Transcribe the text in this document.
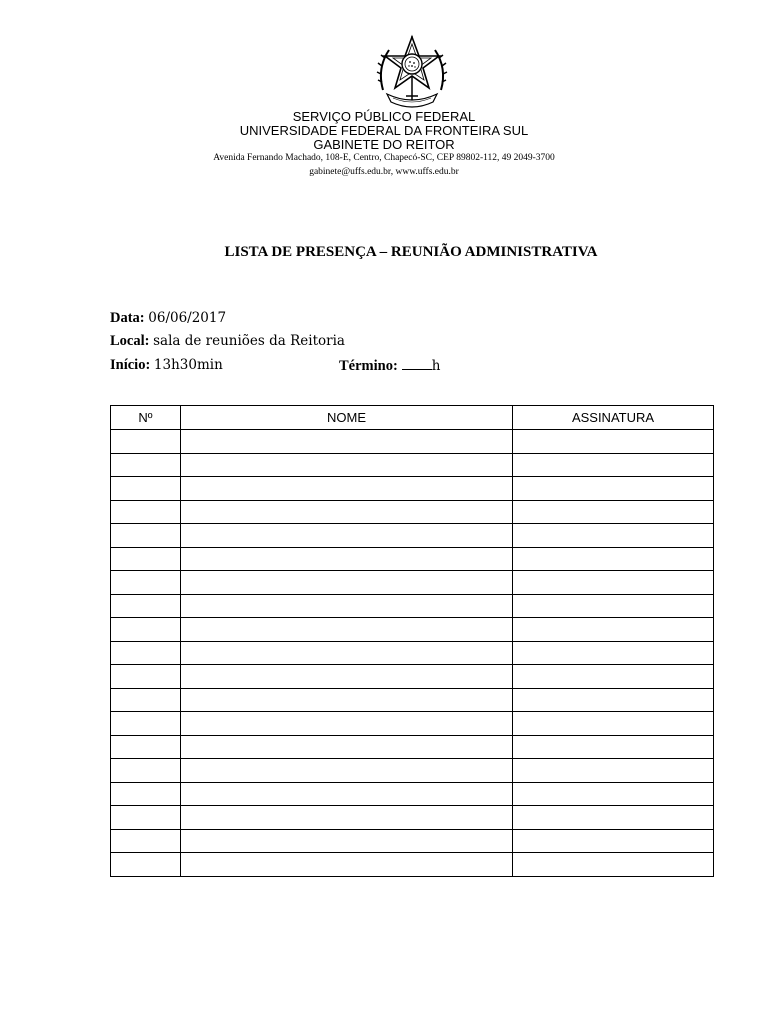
SERVIÇO PÚBLICO FEDERAL
UNIVERSIDADE FEDERAL DA FRONTEIRA SUL
GABINETE DO REITOR
Avenida Fernando Machado, 108-E, Centro, Chapecó-SC, CEP 89802-112, 49 2049-3700
gabinete@uffs.edu.br, www.uffs.edu.br
LISTA DE PRESENÇA – REUNIÃO ADMINISTRATIVA
Data: 06/06/2017
Local: sala de reuniões da Reitoria
Início: 13h30min	Término:	h
Nº	NOME	ASSINATURA
